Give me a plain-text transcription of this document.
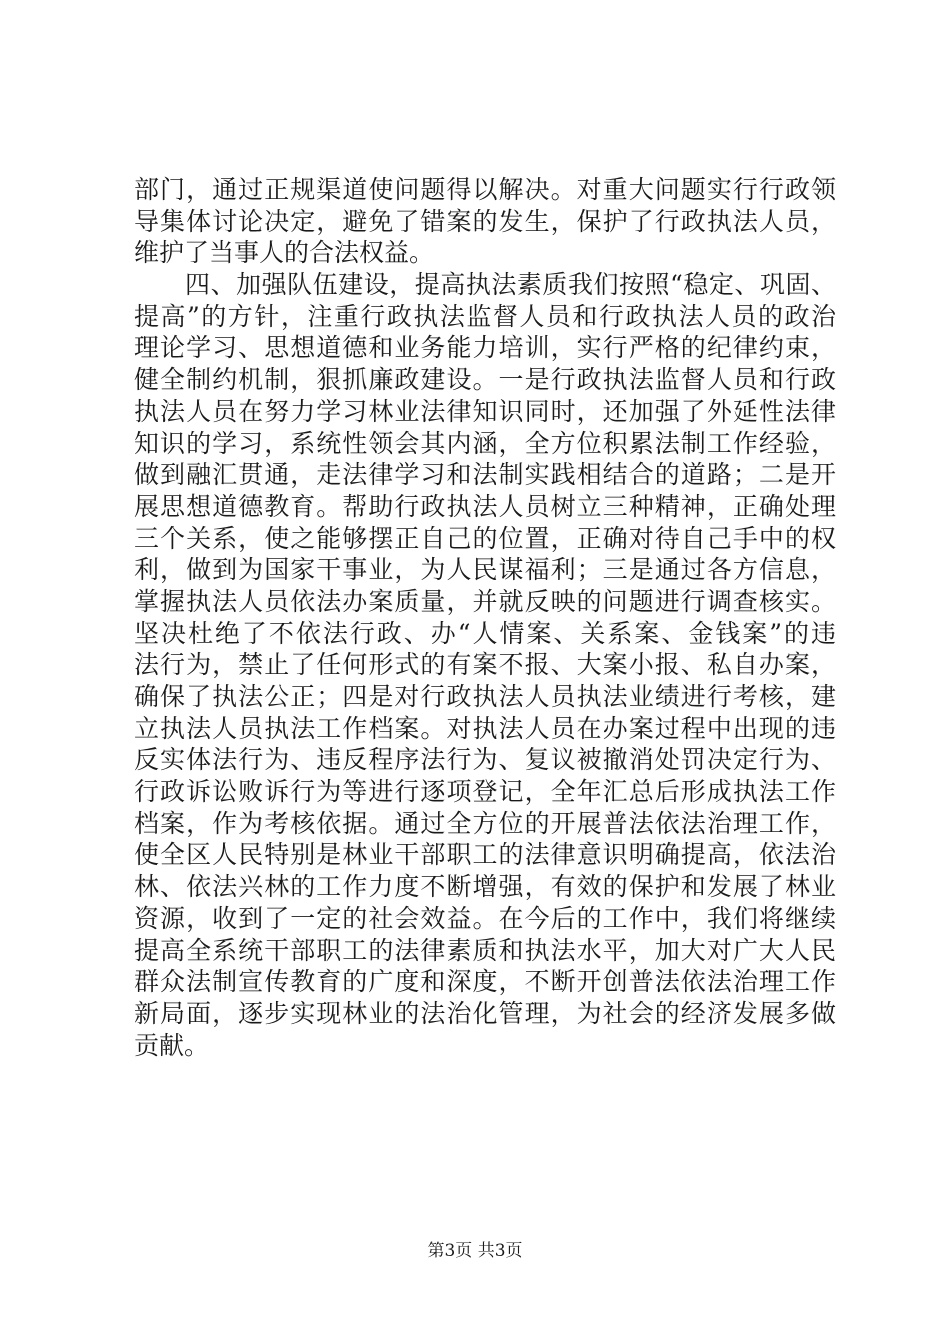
部门，通过正规渠道使问题得以解决。对重大问题实行行政领
导集体讨论决定，避免了错案的发生，保护了行政执法人员，
维护了当事人的合法权益。
　　四、加强队伍建设，提高执法素质我们按照“稳定、巩固、
提高”的方针，注重行政执法监督人员和行政执法人员的政治
理论学习、思想道德和业务能力培训，实行严格的纪律约束，
健全制约机制，狠抓廉政建设。一是行政执法监督人员和行政
执法人员在努力学习林业法律知识同时，还加强了外延性法律
知识的学习，系统性领会其内涵，全方位积累法制工作经验，
做到融汇贯通，走法律学习和法制实践相结合的道路；二是开
展思想道德教育。帮助行政执法人员树立三种精神，正确处理
三个关系，使之能够摆正自己的位置，正确对待自己手中的权
利，做到为国家干事业，为人民谋福利；三是通过各方信息，
掌握执法人员依法办案质量，并就反映的问题进行调查核实。
坚决杜绝了不依法行政、办“人情案、关系案、金钱案”的违
法行为，禁止了任何形式的有案不报、大案小报、私自办案，
确保了执法公正；四是对行政执法人员执法业绩进行考核，建
立执法人员执法工作档案。对执法人员在办案过程中出现的违
反实体法行为、违反程序法行为、复议被撤消处罚决定行为、
行政诉讼败诉行为等进行逐项登记，全年汇总后形成执法工作
档案，作为考核依据。通过全方位的开展普法依法治理工作，
使全区人民特别是林业干部职工的法律意识明确提高，依法治
林、依法兴林的工作力度不断增强，有效的保护和发展了林业
资源，收到了一定的社会效益。在今后的工作中，我们将继续
提高全系统干部职工的法律素质和执法水平，加大对广大人民
群众法制宣传教育的广度和深度，不断开创普法依法治理工作
新局面，逐步实现林业的法治化管理，为社会的经济发展多做
贡献。
第3页 共3页
